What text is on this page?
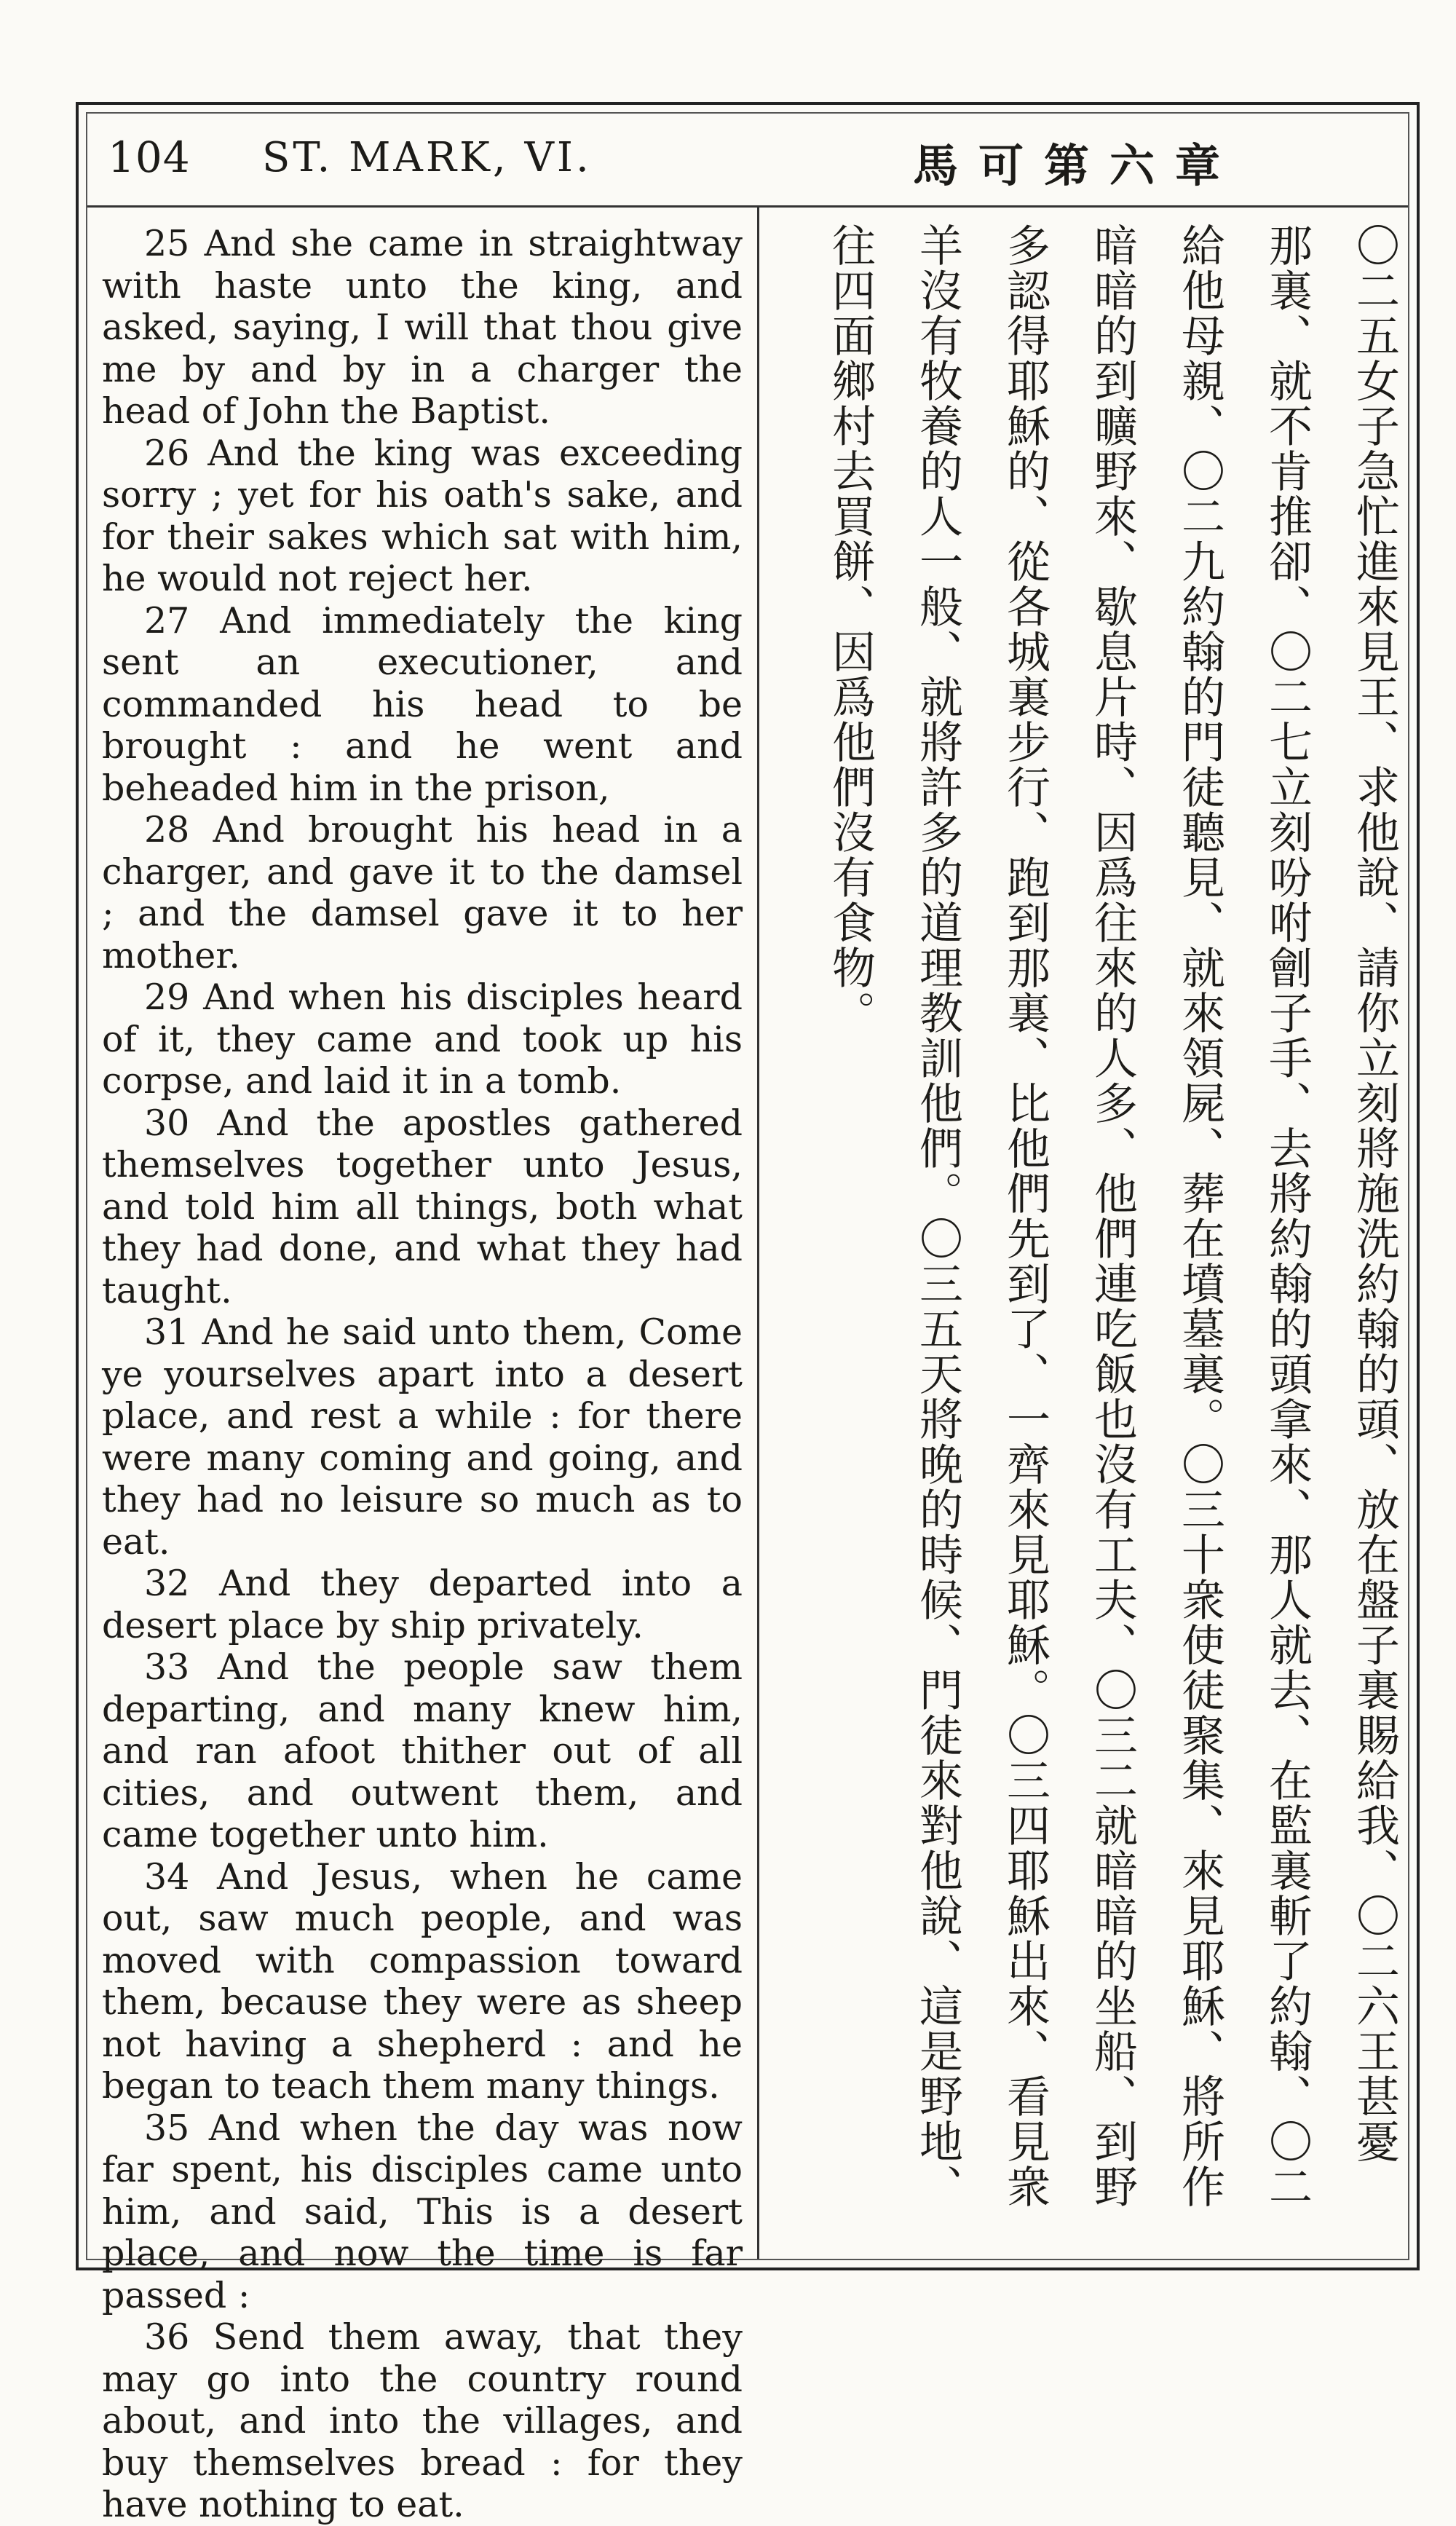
104 ST. MARK, VI.	馬可第六章

25 And she came in straightway with haste unto the king, and asked, saying, I will that thou give me by and by in a charger the head of John the Baptist.

26 And the king was exceeding sorry ; yet for his oath's sake, and for their sakes which sat with him, he would not reject her.

27 And immediately the king sent an executioner, and commanded his head to be brought : and he went and beheaded him in the prison,

28 And brought his head in a charger, and gave it to the damsel ; and the damsel gave it to her mother.

29 And when his disciples heard of it, they came and took up his corpse, and laid it in a tomb.

30 And the apostles gathered themselves together unto Jesus, and told him all things, both what they had done, and what they had taught.

31 And he said unto them, Come ye yourselves apart into a desert place, and rest a while : for there were many coming and going, and they had no leisure so much as to eat.

32 And they departed into a desert place by ship privately.

33 And the people saw them departing, and many knew him, and ran afoot thither out of all cities, and outwent them, and came together unto him.

34 And Jesus, when he came out, saw much people, and was moved with compassion toward them, because they were as sheep not having a shepherd : and he began to teach them many things.

35 And when the day was now far spent, his disciples came unto him, and said, This is a desert place, and now the time is far passed :

36 Send them away, that they may go into the country round about, and into the villages, and buy themselves bread : for they have nothing to eat.

〇二五女子急忙進來見王、求他說、請你立刻將施洗約翰的頭、放在盤子裏賜給我、〇二六王甚憂
那裏、就不肯推卻、〇二七立刻吩咐劊子手、去將約翰的頭拿來、那人就去、在監裏斬了約翰、〇二
給他母親、〇二九約翰的門徒聽見、就來領屍、葬在墳墓裏。〇三十衆使徒聚集、來見耶穌、將所作
暗暗的到曠野來、歇息片時、因爲往來的人多、他們連吃飯也沒有工夫、〇三二就暗暗的坐船、到野
多認得耶穌的、從各城裏步行、跑到那裏、比他們先到了、一齊來見耶穌。〇三四耶穌出來、看見衆
羊沒有牧養的人一般、就將許多的道理教訓他們。〇三五天將晚的時候、門徒來對他說、這是野地、
往四面鄉村去買餅、因爲他們沒有食物。
